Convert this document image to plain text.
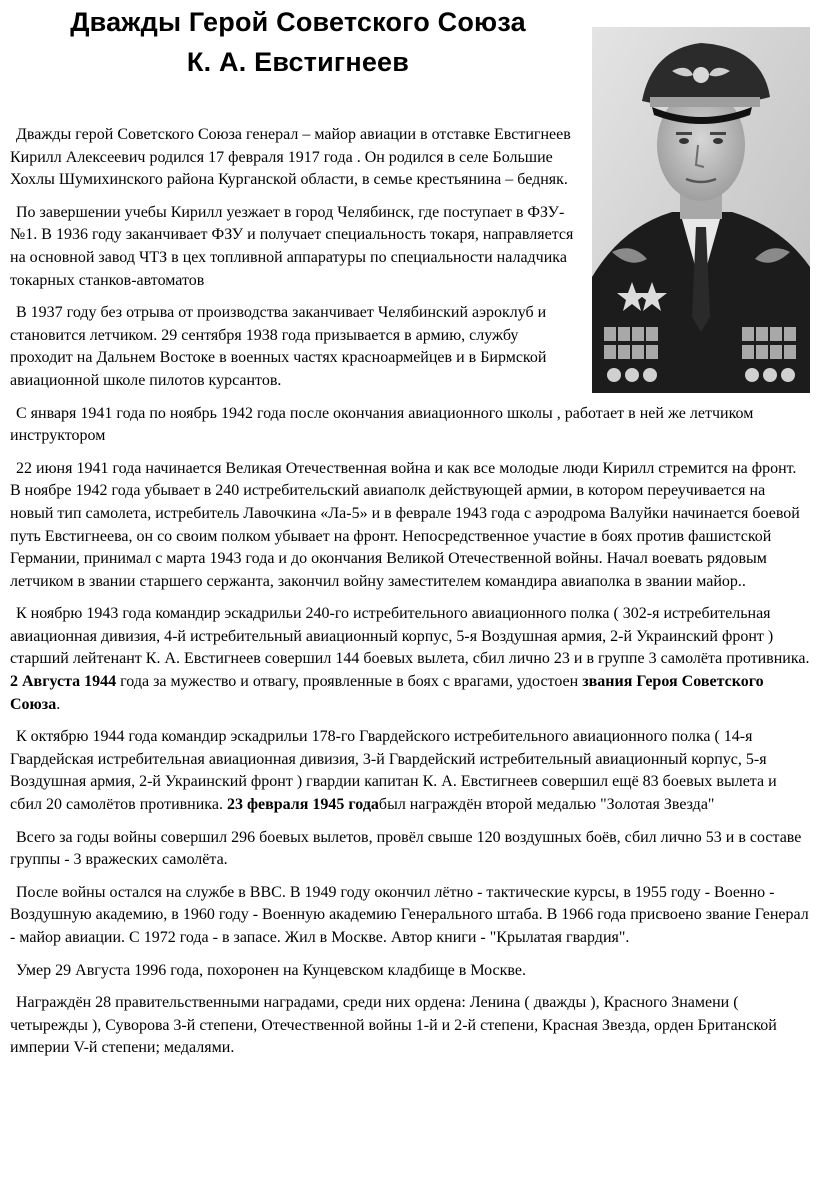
Дважды Герой Советского Союза
К. А. Евстигнеев

Дважды герой Советского Союза генерал – майор авиации в отставке Евстигнеев Кирилл Алексеевич родился 17 февраля 1917 года . Он родился в селе Большие Хохлы Шумихинского района Курганской области, в семье крестьянина – бедняк.

По завершении учебы Кирилл уезжает в город Челябинск, где поступает в ФЗУ-№1. В 1936 году заканчивает ФЗУ и получает специальность токаря, направляется на основной завод ЧТЗ в цех топливной аппаратуры по специальности наладчика токарных станков-автоматов

В 1937 году без отрыва от производства заканчивает Челябинский аэроклуб и становится летчиком. 29 сентября 1938 года призывается в армию, службу проходит на Дальнем Востоке в военных частях красноармейцев и в Бирмской авиационной школе пилотов курсантов.

С января 1941 года по ноябрь 1942 года после окончания авиационного школы , работает в ней же летчиком инструктором

22 июня 1941 года начинается Великая Отечественная война и как все молодые люди Кирилл стремится на фронт. В ноябре 1942 года убывает в 240 истребительский авиаполк действующей армии, в котором переучивается на новый тип самолета, истребитель Лавочкина «Ла-5» и в феврале 1943 года с аэродрома Валуйки начинается боевой путь Евстигнеева, он со своим полком убывает на фронт. Непосредственное участие в боях против фашистской Германии, принимал с марта 1943 года и до окончания Великой Отечественной войны. Начал воевать рядовым летчиком в звании старшего сержанта, закончил войну заместителем командира авиаполка в звании майор..

К ноябрю 1943 года командир эскадрильи 240-го истребительного авиационного полка ( 302-я истребительная авиационная дивизия, 4-й истребительный авиационный корпус, 5-я Воздушная армия, 2-й Украинский фронт ) старший лейтенант К. А. Евстигнеев совершил 144 боевых вылета, сбил лично 23 и в группе 3 самолёта противника. 2 Августа 1944 года за мужество и отвагу, проявленные в боях с врагами, удостоен звания Героя Советского Союза.

К октябрю 1944 года командир эскадрильи 178-го Гвардейского истребительного авиационного полка ( 14-я Гвардейская истребительная авиационная дивизия, 3-й Гвардейский истребительный авиационный корпус, 5-я Воздушная армия, 2-й Украинский фронт ) гвардии капитан К. А. Евстигнеев совершил ещё 83 боевых вылета и сбил 20 самолётов противника. 23 февраля 1945 годабыл награждён второй медалью "Золотая Звезда"

Всего за годы войны совершил 296 боевых вылетов, провёл свыше 120 воздушных боёв, сбил лично 53 и в составе группы - 3 вражеских самолёта.

После войны остался на службе в ВВС. В 1949 году окончил лётно - тактические курсы, в 1955 году - Военно - Воздушную академию, в 1960 году - Военную академию Генерального штаба. В 1966 года присвоено звание Генерал - майор авиации. С 1972 года - в запасе. Жил в Москве. Автор книги - "Крылатая гвардия".

Умер 29 Августа 1996 года, похоронен на Кунцевском кладбище в Москве.

Награждён 28 правительственными наградами, среди них ордена: Ленина ( дважды ), Красного Знамени ( четырежды ), Суворова 3-й степени, Отечественной войны 1-й и 2-й степени, Красная Звезда, орден Британской империи V-й степени; медалями.
